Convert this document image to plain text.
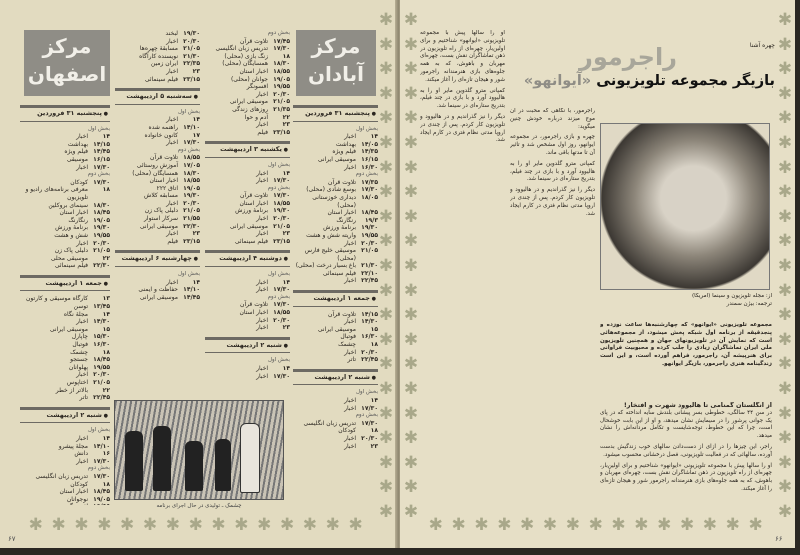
✱✱✱✱✱✱✱✱✱✱✱✱✱✱✱✱✱✱✱✱✱
✱✱✱✱✱✱✱✱✱✱✱✱✱✱✱
مرکز اصفهان
مرکز آبادان
● پنجشنبه ۳۱ فروردین
بخش اول
۱۴
اخبار
۱۴/۱۵
بهداشت
۱۴/۴۵
فیلم ویژه
۱۶/۱۵
موسیقی
۱۷/۳۰
اخبار
بخش دوم
۱۷/۳۰
کودکان
۱۸
معرفی برنامه‌های رادیو و تلویزیون
۱۸/۳۰
سینمای بروکلین
۱۸/۴۵
اخبار استان
۱۹/۰۵
رنگارنگ
۱۹/۳۰
برنامهٔ ورزش
۱۹/۵۵
شش و هشت
۲۰/۳۰
اخبار
۲۱/۰۵
دلیلی پاک زن
۲۲
موسیقی محلی
۲۲/۳۰
فیلم سینمائی
● جمعه ۱ اردیبهشت
۱۳
کارگاه موسیقی و کارتون
۱۳/۴۵
توسن
۱۴
مجلهٔ نگاه
۱۴/۳۰
اخبار
۱۵
موسیقی ایرانی
۱۵/۳۰
چاپارل
۱۶/۳۰
فوتبال
۱۸
چشمک
۱۸/۴۵
جستجو
۱۹/۵۵
پهلوانان
۲۰/۳۰
اخبار
۲۱/۰۵
اختاپوس
۲۲
بالاتر از خطر
۲۲/۴۵
تاتر
● شنبه ۲ اردیبهشت
بخش اول
۱۴
اخبار
۱۴/۱۰
مجلهٔ پیشرو
۱۶
دانش
۱۷/۳۰
اخبار
بخش دوم
۱۷/۳۰
تدریس زبان انگلیسی
۱۸
کودکان
۱۸/۴۵
اخبار استان
۱۹/۰۵
نوجوانان
۱۹/۳۰
لبخند
۲۰/۳۰
اخبار
۲۱/۰۵
مسابقهٔ چهره‌ها
۲۱/۳۰
نویسنده کارآگاه
۲۲/۳۵
ایران زمین
۲۳
اخبار
۲۳/۱۵
فیلم سینمائی
● سه‌شنبه ۵ اردیبهشت
بخش اول
۱۴
اخبار
۱۴/۱۰
راهنمه شده
۱۷
کانون خانواده
۱۷/۳۰
اخبار
بخش دوم
۱۸/۵۵
تلاوت قرآن
۱۷/۰۵
آموزش روستائی
۱۸/۳۰
همسایگان (محلی)
۱۸/۵۵
اخبار استان
۱۹/۰۵
اتاق ۲۲۲
۱۹/۳۰
مسابقه کلاش
۲۰/۳۰
اخبار
۲۱/۰۵
دلیلی پاک زن
۲۱/۵۵
سرکار استوار
۲۲/۳۰
موسیقی ایرانی
۲۳
اخبار
۲۳/۱۵
فیلم
● چهارشنبه ۶ اردیبهشت
بخش اول
۱۴
اخبار
۱۴/۱۰
حفاظت و ایمنی
۱۴/۴۵
موسیقی ایرانی
بخش دوم
۱۷/۴۵
تلاوت قرآن
۱۷/۳۰
تدریس زبان انگلیسی
۱۸
زنگ بازی (محلی)
۱۸/۳۰
همسایگان (محلی)
۱۸/۵۵
اخبار استان
۱۹/۰۵
جوانان (محلی)
۱۹/۵۵
افسونگر
۲۰/۳۰
اخبار
۲۱/۰۵
موسیقی ایرانی
۲۱/۳۵
روزهای زندگی
۲۲
آدم و حوا
۲۳
اخبار
۲۳/۱۵
فیلم
● یکشنبه ۳ اردیبهشت
بخش اول
۱۴
اخبار
۱۷/۳۰
اخبار
بخش دوم
۱۷/۳۰
تلاوت قرآن
۱۸/۵۵
اخبار استان
۱۹/۳۰
برنامهٔ ورزش
۲۰/۳۰
اخبار
۲۱/۰۵
موسیقی ایرانی
۲۳
اخبار
۲۳/۱۵
فیلم سینمائی
● دوشنبه ۴ اردیبهشت
بخش اول
۱۴
اخبار
۱۷/۳۰
اخبار
بخش دوم
۱۷/۳۰
تلاوت قرآن
۱۸/۵۵
اخبار استان
۲۰/۳۰
اخبار
۲۳
اخبار
● شنبه ۲ اردیبهشت
بخش اول
۱۴
اخبار
۱۷/۳۰
اخبار
● پنجشنبه ۳۱ فروردین
بخش اول
۱۴
اخبار
۱۴/۰۵
بهداشت
۱۴/۳۵
فیلم ویژه
۱۶/۱۵
موسیقی ایرانی
۱۶/۳۰
اخبار
بخش دوم
۱۷/۳۵
تلاوت قرآن
۱۷/۳۰
بوسع شادی (محلی)
۱۸/۰۵
دیداری خوزستانی (محلی)
۱۸/۴۵
اخبار استان
۱۹/۳
رنگارنگ
۱۹/۳۰
برنامهٔ ورزش
۱۹/۵۵
واریته شش و هشت
۲۰/۳۰
اخبار
۲۱/۰۵
موسیقی خلیج فارس (محلی)
۲۱/۳۰
باغ بسیار درخت (محلی)
۲۲/۱۰
فیلم سینمائی
۲۲/۴۵
اخبار
● جمعه ۱ اردیبهشت
۱۴/۱۵
تلاوت قرآن
۱۴/۳۰
اخبار
۱۵
موسیقی ایرانی
۱۶/۳۰
فوتبال
۱۸
چشمک
۲۰/۳۰
اخبار
۲۲/۴۵
تاتر
● شنبه ۲ اردیبهشت
بخش اول
۱۴
اخبار
۱۷/۳۰
اخبار
بخش دوم
۱۷/۳۰
تدریس زبان انگلیسی
۱۸
کودکان
۲۰/۳۰
اخبار
۲۳
اخبار
چشمک ـ تولیدی در حال اجرای برنامه
۶۷
✱✱✱✱✱✱✱✱✱✱✱✱✱✱✱✱✱✱✱✱✱
✱✱✱✱✱✱✱✱✱✱✱✱✱✱✱✱✱✱✱✱✱
✱✱✱✱✱✱✱✱✱✱✱✱✱✱✱
چهره آشنا
راجرمور
بازیگر مجموعه تلویزیونی «آیوانهو»
از: مجله تلویزیون و سینما (آمریکا)
ترجمه: بیژن سمندر
مجموعه تلویزیونی «ایوانهو» که چهارشنبه‌ها ساعت نوزده و پنجدقیقه از برنامه اول شبکه پخش میشود، از مجموعه‌هائی است که نمایش آن در تلویزیونهای جهان و همچنین تلویزیون ملی ایران تماشاگران زیادی را جلب کرده و محبوبیت فراوانی برای هنرپیشه آن، راجرمور، فراهم آورده است، و این است زندگینامه هنری راجرمور، بازیگر ایوانهو.
از انگلستان گمنامی تا هالیوود شهرت و افتخار!

در سن ۴۴ سالگی، خطوطی بسر پیشانی بلندش سایه انداخته که در پای یک جوانی پرشور را در سیمایش نشان میدهد، و او از این بابت خوشحال است، چرا که این خطوط، توجه‌شایست و تکامل مردانه‌اش را نشان میدهد.

راجر، این چیزها را در ازای از دست‌دادن سالهای خوب زندگیش بدست آورده، سالهائی که در فعالیت تلویزیونی، فصل درخشانی محسوب میشود.

او را سالها پیش با مجموعه تلویزیونی «ایوانهو» شناختیم و برای اولین‌بار، چهره‌ای از راه تلویزیون در ذهن تماشاگران نقش بست، چهره‌ای مهربان و باهوش، که به همه جلوه‌های بازی هنرمندانه راجرمور شور و هیجان تازه‌ای را آغاز میکند.

راجرمور، با نگاهی که محبت در آن موج میزند درباره خودش چنین میگوید:

چهره و بازی راجرمور، در مجموعه ایوانهو، روز اول مشخص شد و تاثیر آن تا مدتها باقی ماند.

کمپانی مترو گلدوین مایر او را به هالیوود آورد و با بازی در چند فیلم، بتدریج ستاره‌ای در سینما شد.

دیگر را نیز گذراندیم و در هالیوود و تلویزیون کار کردم. پس از چندی در اروپا مدتی نظام فتری در کارم ایجاد شد.

او را سالها پیش با مجموعه تلویزیونی «ایوانهو» شناختیم و برای اولین‌بار، چهره‌ای از راه تلویزیون در ذهن تماشاگران نقش بست، چهره‌ای مهربان و باهوش، که به همه جلوه‌های بازی هنرمندانه راجرمور شور و هیجان تازه‌ای را آغاز میکند.

کمپانی مترو گلدوین مایر او را به هالیوود آورد و با بازی در چند فیلم، بتدریج ستاره‌ای در سینما شد.

دیگر را نیز گذراندیم و در هالیوود و تلویزیون کار کردم. پس از چندی در اروپا مدتی نظام فتری در کارم ایجاد شد.

۶۶
